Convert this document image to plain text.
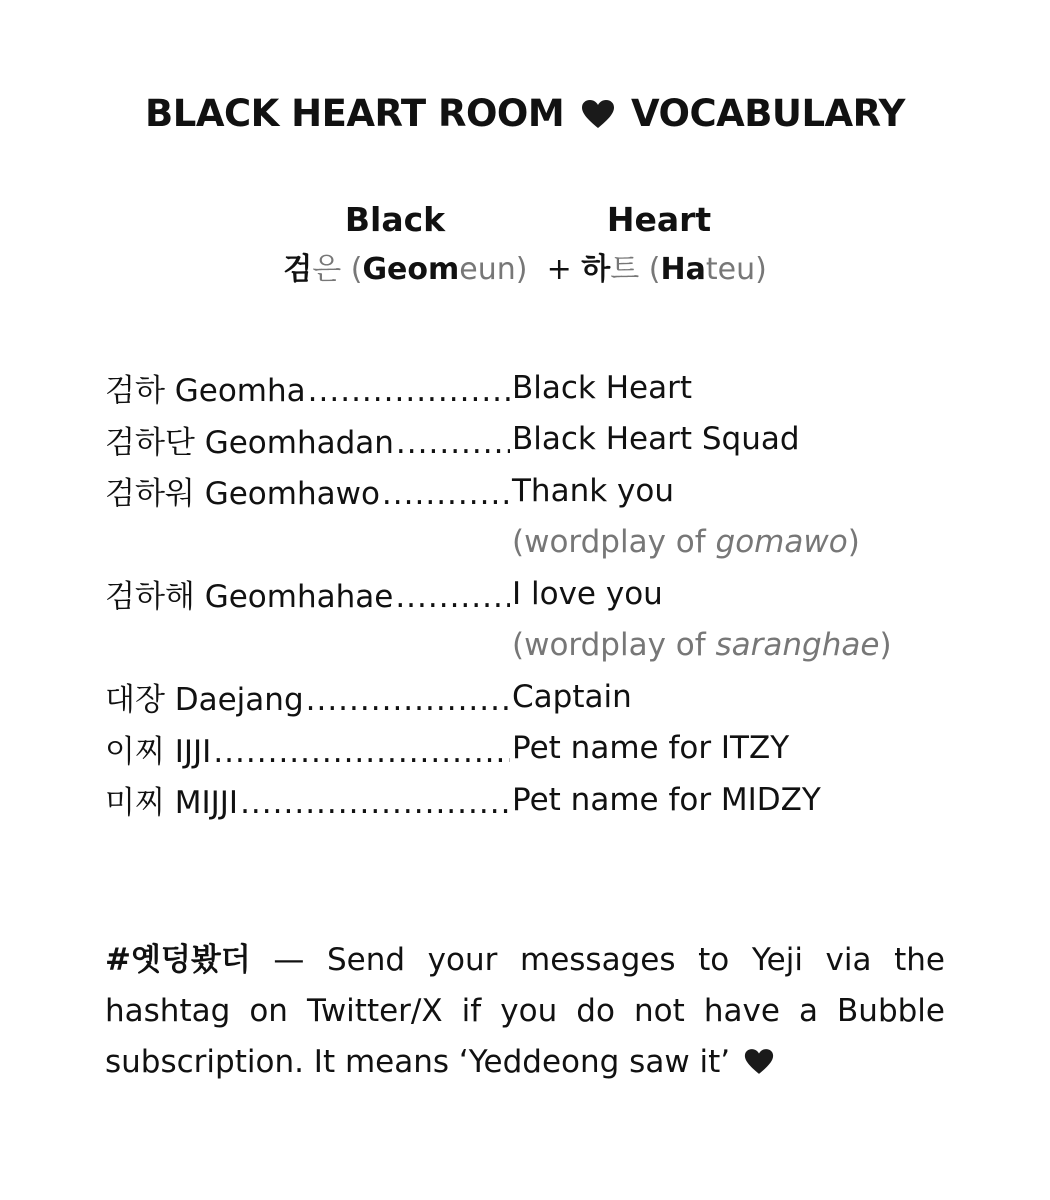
BLACK HEART ROOM VOCABULARY
Black	Heart
검은 (Geomeun) + 하트 (Hateu)
검하 Geomha .....	Black Heart
검하단 Geomhadan .....	Black Heart Squad
검하워 Geomhawo .....	Thank you
(wordplay of gomawo)
검하해 Geomhahae .....	I love you
(wordplay of saranghae)
대장 Daejang .....	Captain
이찌 IJJI .....	Pet name for ITZY
미찌 MIJJI .....	Pet name for MIDZY
#옛덩봤더 — Send your messages to Yeji via the hashtag on Twitter/X if you do not have a Bubble subscription. It means ‘Yeddeong saw it’
